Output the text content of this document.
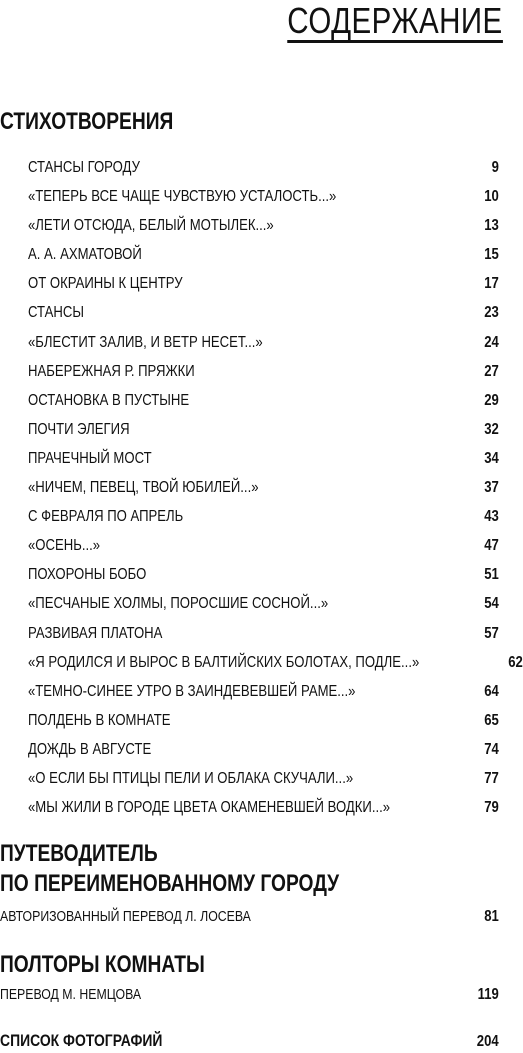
СОДЕРЖАНИЕ
СТИХОТВОРЕНИЯ
СТАНСЫ ГОРОДУ	9
«ТЕПЕРЬ ВСЕ ЧАЩЕ ЧУВСТВУЮ УСТАЛОСТЬ...»	10
«ЛЕТИ ОТСЮДА, БЕЛЫЙ МОТЫЛЕК...»	13
А. А. АХМАТОВОЙ	15
ОТ ОКРАИНЫ К ЦЕНТРУ	17
СТАНСЫ	23
«БЛЕСТИТ ЗАЛИВ, И ВЕТР НЕСЕТ...»	24
НАБЕРЕЖНАЯ Р. ПРЯЖКИ	27
ОСТАНОВКА В ПУСТЫНЕ	29
ПОЧТИ ЭЛЕГИЯ	32
ПРАЧЕЧНЫЙ МОСТ	34
«НИЧЕМ, ПЕВЕЦ, ТВОЙ ЮБИЛЕЙ...»	37
С ФЕВРАЛЯ ПО АПРЕЛЬ	43
«ОСЕНЬ...»	47
ПОХОРОНЫ БОБО	51
«ПЕСЧАНЫЕ ХОЛМЫ, ПОРОСШИЕ СОСНОЙ...»	54
РАЗВИВАЯ ПЛАТОНА	57
«Я РОДИЛСЯ И ВЫРОС В БАЛТИЙСКИХ БОЛОТАХ, ПОДЛЕ...»	62
«ТЕМНО-СИНЕЕ УТРО В ЗАИНДЕВЕВШЕЙ РАМЕ...»	64
ПОЛДЕНЬ В КОМНАТЕ	65
ДОЖДЬ В АВГУСТЕ	74
«О ЕСЛИ БЫ ПТИЦЫ ПЕЛИ И ОБЛАКА СКУЧАЛИ...»	77
«МЫ ЖИЛИ В ГОРОДЕ ЦВЕТА ОКАМЕНЕВШЕЙ ВОДКИ...»	79
ПУТЕВОДИТЕЛЬ
ПО ПЕРЕИМЕНОВАННОМУ ГОРОДУ
АВТОРИЗОВАННЫЙ ПЕРЕВОД Л. ЛОСЕВА	81
ПОЛТОРЫ КОМНАТЫ
ПЕРЕВОД М. НЕМЦОВА	119
СПИСОК ФОТОГРАФИЙ	204
